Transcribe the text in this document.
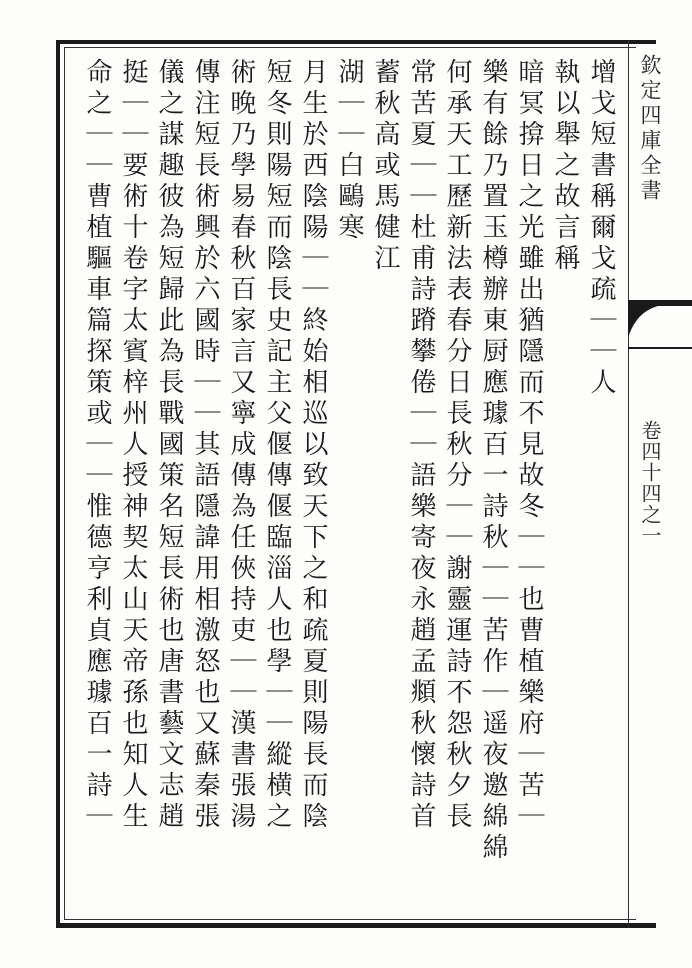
欽定四庫全書
卷四十四之一
增戈短書稱爾戈疏｜｜人
執以舉之故言稱
暗冥揜日之光雖出猶隱而不見故冬｜｜也曹植樂府｜苦｜
樂有餘乃置玉樽辦東厨應璩百一詩秋｜｜苦作｜遥夜邀綿綿
何承天工歷新法表春分日長秋分｜｜謝靈運詩不怨秋夕長
常苦夏｜｜杜甫詩蹐攀倦｜｜語樂寄夜永趙孟頫秋懷詩首
蓄秋高或馬健江
湖｜｜白鷗寒
月生於西陰陽｜｜終始相巡以致天下之和疏夏則陽長而陰
短冬則陽短而陰長史記主父偃傳偃臨淄人也學｜｜縱横之
術晚乃學易春秋百家言又寧成傳為任俠持吏｜｜漢書張湯
傳注短長術興於六國時｜｜其語隱諱用相激怒也又蘇秦張
儀之謀趣彼為短歸此為長戰國策名短長術也唐書藝文志趙
挺｜｜要術十卷字太賓梓州人授神契太山天帝孫也知人生
命之｜｜曹植驅車篇探策或｜｜惟德亨利貞應璩百一詩｜
